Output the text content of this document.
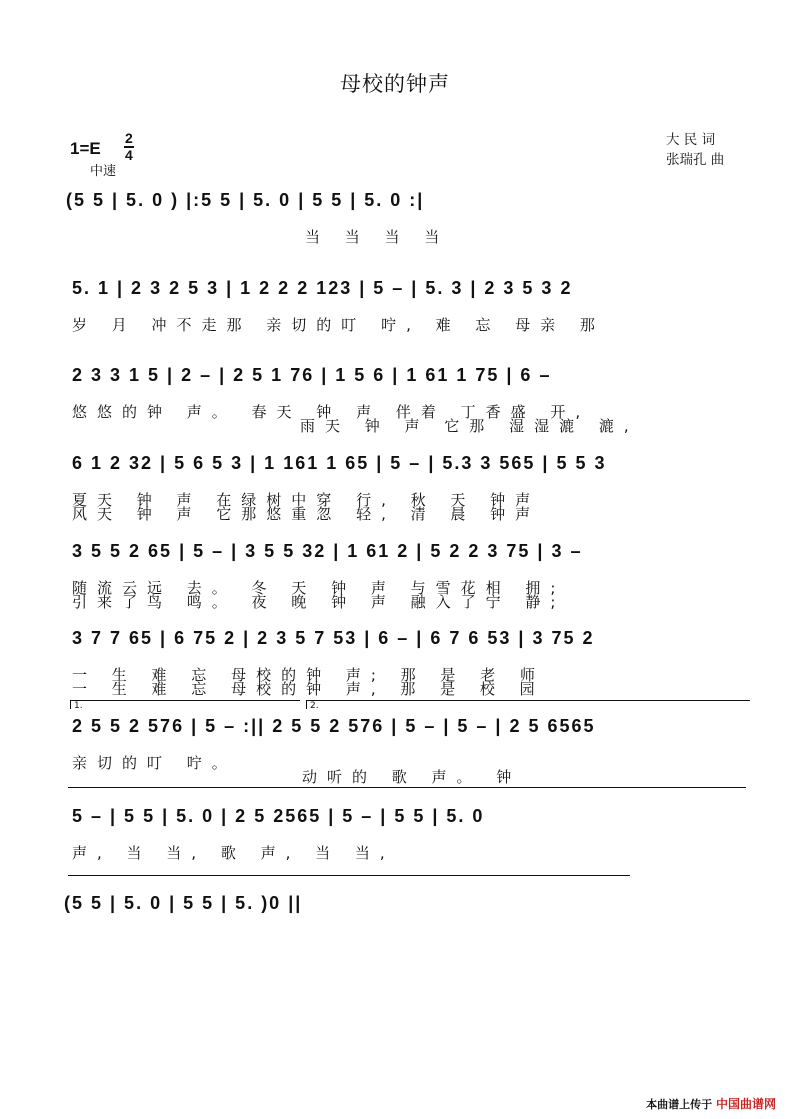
母校的钟声
1=E
2
4
中速
大 民 词
张瑞孔 曲
(5 5 | 5. 0 ) |:5 5 | 5. 0 | 5 5 | 5. 0 :|
当 当 当 当
5. 1 | 2 3 2 5 3 | 1 2 2 2 123 | 5 – | 5. 3 | 2 3 5 3 2
岁 月 冲不走那 亲切的叮 咛, 难 忘 母亲 那
2 3 3 1 5 | 2 – | 2 5 1 76 | 1 5 6 | 1 61 1 75 | 6 –
悠悠的钟 声。 春天 钟 声 伴着 丁香盛 开,
雨天 钟 声 它那 湿湿漉 漉,
6 1 2 32 | 5 6 5 3 | 1 161 1 65 | 5 – | 5.3 3 565 | 5 5 3
夏天 钟 声 在绿树中穿 行, 秋 天 钟声
风天 钟 声 它那悠重忽 轻, 清 晨 钟声
3 5 5 2 65 | 5 – | 3 5 5 32 | 1 61 2 | 5 2 2 3 75 | 3 –
随流云远 去。 冬 天 钟 声 与雪花相 拥;
引来了鸟 鸣。 夜 晚 钟 声 融入了宁 静;
3 7 7 65 | 6 75 2 | 2 3 5 7 53 | 6 – | 6 7 6 53 | 3 75 2
一 生 难 忘 母校的钟 声; 那 是 老 师
一 生 难 忘 母校的钟 声, 那 是 校 园
1.	2.
2 5 5 2 576 | 5 – :|| 2 5 5 2 576 | 5 – | 5 – | 2 5 6565
亲切的叮 咛。
动听的 歌 声。 钟
5 – | 5 5 | 5. 0 | 2 5 2565 | 5 – | 5 5 | 5. 0
声, 当 当, 歌 声, 当 当,
(5 5 | 5. 0 | 5 5 | 5. )0 ||
本曲谱上传于 中国曲谱网
